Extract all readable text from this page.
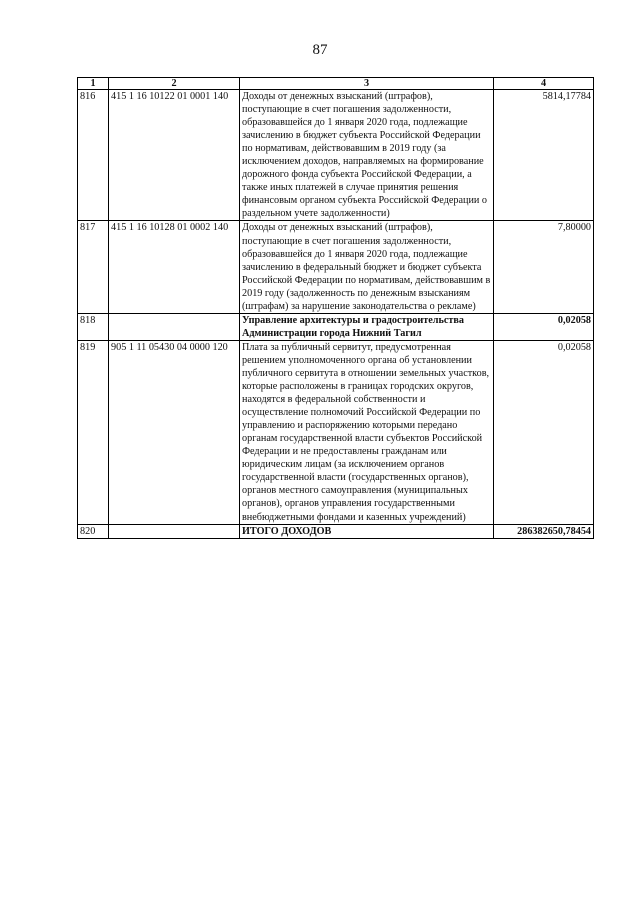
87
1	2	3	4
816	415 1 16 10122 01 0001 140	Доходы от денежных взысканий (штрафов), поступающие в счет погашения задолженности, образовавшейся до 1 января 2020 года, подлежащие зачислению в бюджет субъекта Российской Федерации по нормативам, действовавшим в 2019 году (за исключением доходов, направляемых на формирование дорожного фонда субъекта Российской Федерации, а также иных платежей в случае принятия решения финансовым органом субъекта Российской Федерации о раздельном учете задолженности)	5814,17784
817	415 1 16 10128 01 0002 140	Доходы от денежных взысканий (штрафов), поступающие в счет погашения задолженности, образовавшейся до 1 января 2020 года, подлежащие зачислению в федеральный бюджет и бюджет субъекта Российской Федерации по нормативам, действовавшим в 2019 году (задолженность по денежным взысканиям (штрафам) за нарушение законодательства о рекламе)	7,80000
818		Управление архитектуры и градостроительства Администрации города Нижний Тагил	0,02058
819	905 1 11 05430 04 0000 120	Плата за публичный сервитут, предусмотренная решением уполномоченного органа об установлении публичного сервитута в отношении земельных участков, которые расположены в границах городских округов, находятся в федеральной собственности и осуществление полномочий Российской Федерации по управлению и распоряжению которыми передано органам государственной власти субъектов Российской Федерации и не предоставлены гражданам или юридическим лицам (за исключением органов государственной власти (государственных органов), органов местного самоуправления (муниципальных органов), органов управления государственными внебюджетными фондами и казенных учреждений)	0,02058
820		ИТОГО ДОХОДОВ	286382650,78454
